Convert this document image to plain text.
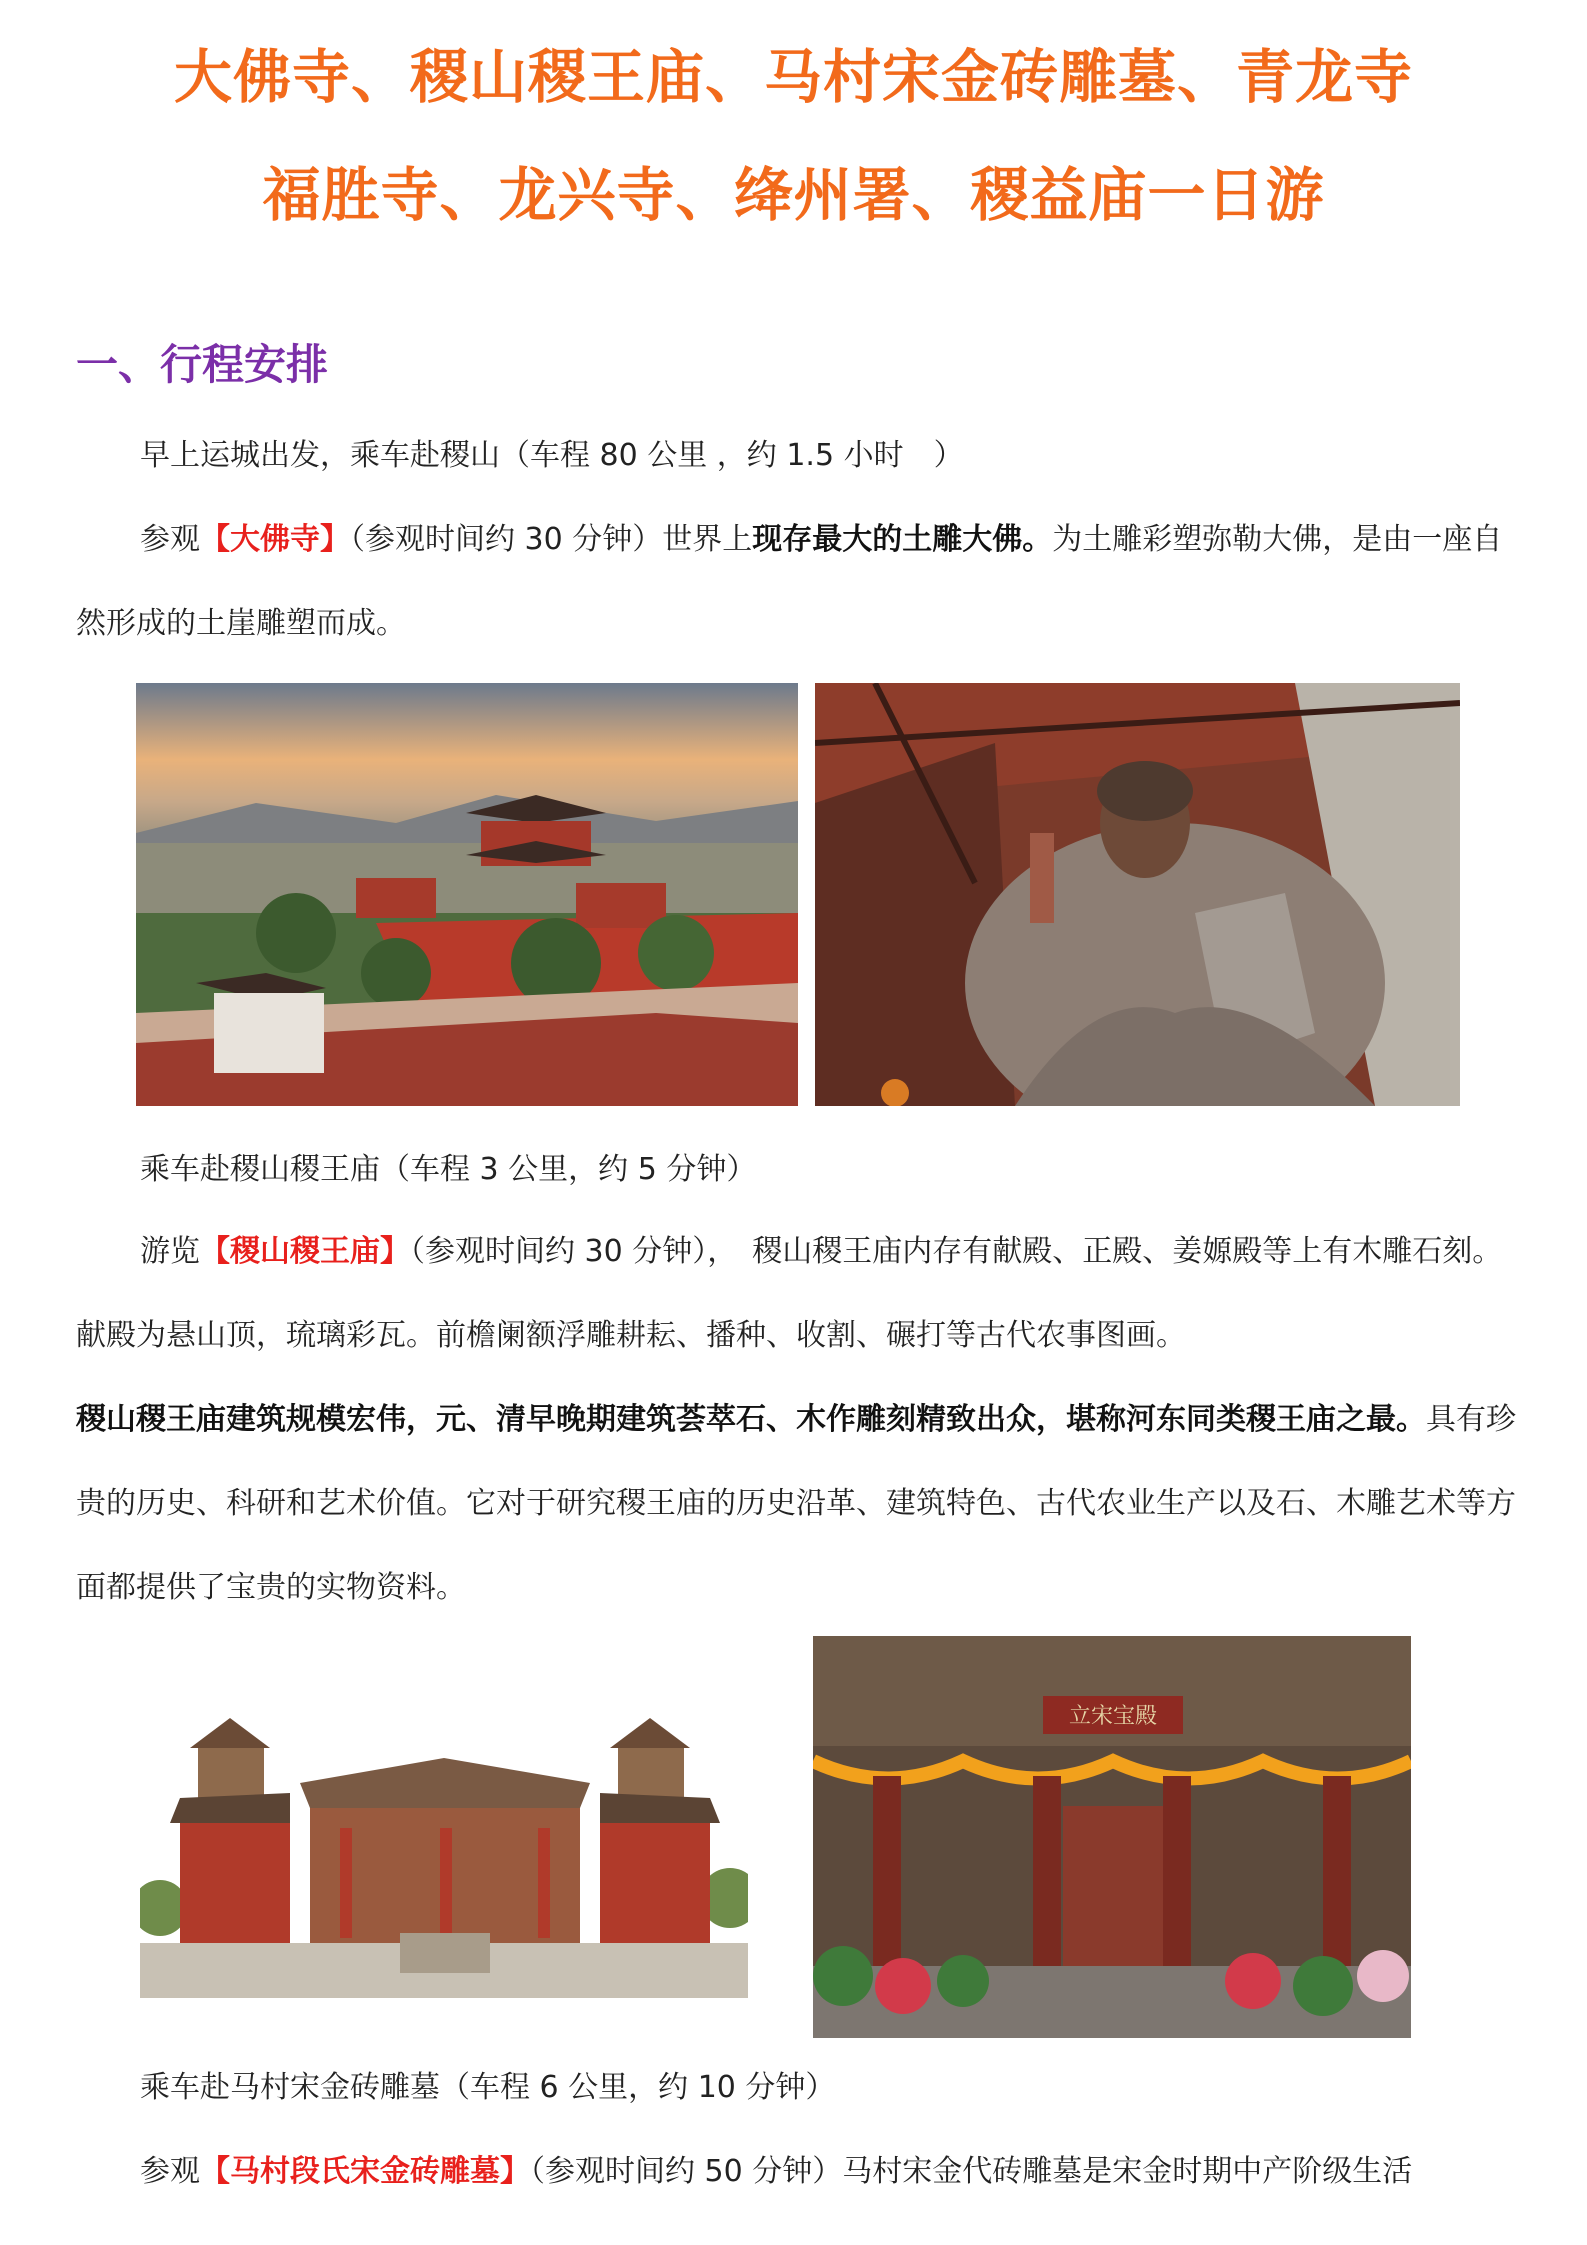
大佛寺、稷山稷王庙、马村宋金砖雕墓、青龙寺
福胜寺、龙兴寺、绛州署、稷益庙一日游
一、行程安排
早上运城出发，乘车赴稷山（车程 80 公里 ，约 1.5 小时　）
参观【大佛寺】（参观时间约 30 分钟）世界上现存最大的土雕大佛。为土雕彩塑弥勒大佛，是由一座自然形成的土崖雕塑而成。
乘车赴稷山稷王庙（车程 3 公里，约 5 分钟）
游览【稷山稷王庙】（参观时间约 30 分钟），　稷山稷王庙内存有献殿、正殿、姜嫄殿等上有木雕石刻。献殿为悬山顶，琉璃彩瓦。前檐阑额浮雕耕耘、播种、收割、碾打等古代农事图画。
稷山稷王庙建筑规模宏伟，元、清早晚期建筑荟萃石、木作雕刻精致出众，堪称河东同类稷王庙之最。具有珍贵的历史、科研和艺术价值。它对于研究稷王庙的历史沿革、建筑特色、古代农业生产以及石、木雕艺术等方面都提供了宝贵的实物资料。
立宋宝殿
乘车赴马村宋金砖雕墓（车程 6 公里，约 10 分钟）
参观【马村段氏宋金砖雕墓】（参观时间约 50 分钟）马村宋金代砖雕墓是宋金时期中产阶级生活
